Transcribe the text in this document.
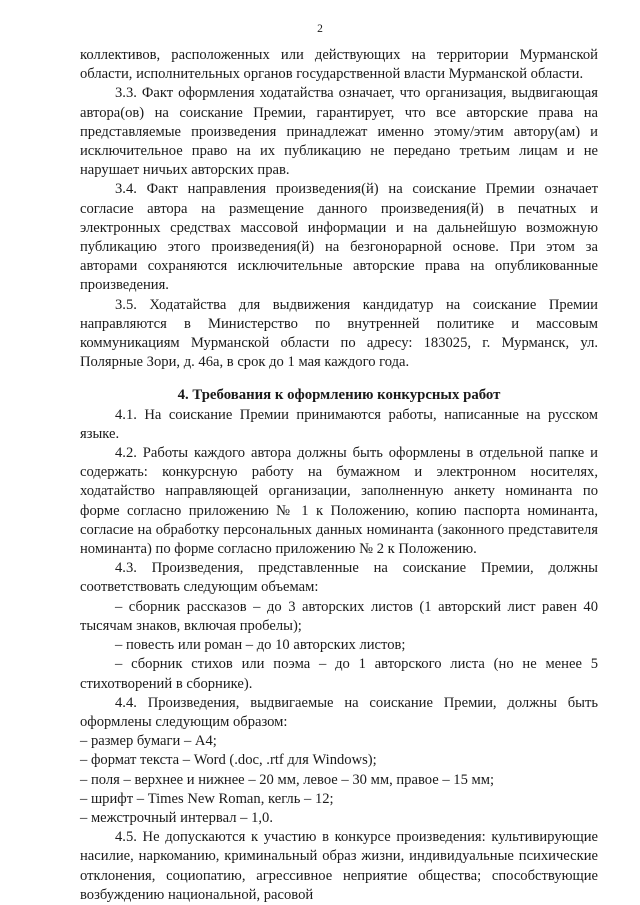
2

коллективов, расположенных или действующих на территории Мурманской области, исполнительных органов государственной власти Мурманской области.

3.3. Факт оформления ходатайства означает, что организация, выдвигающая автора(ов) на соискание Премии, гарантирует, что все авторские права на представляемые произведения принадлежат именно этому/этим автору(ам) и исключительное право на их публикацию не передано третьим лицам и не нарушает ничьих авторских прав.

3.4. Факт направления произведения(й) на соискание Премии означает согласие автора на размещение данного произведения(й) в печатных и электронных средствах массовой информации и на дальнейшую возможную публикацию этого произведения(й) на безгонорарной основе. При этом за авторами сохраняются исключительные авторские права на опубликованные произведения.

3.5. Ходатайства для выдвижения кандидатур на соискание Премии направляются в Министерство по внутренней политике и массовым коммуникациям Мурманской области по адресу: 183025, г. Мурманск, ул. Полярные Зори, д. 46а, в срок до 1 мая каждого года.

4. Требования к оформлению конкурсных работ

4.1. На соискание Премии принимаются работы, написанные на русском языке.

4.2. Работы каждого автора должны быть оформлены в отдельной папке и содержать: конкурсную работу на бумажном и электронном носителях, ходатайство направляющей организации, заполненную анкету номинанта по форме согласно приложению № 1 к Положению, копию паспорта номинанта, согласие на обработку персональных данных номинанта (законного представителя номинанта) по форме согласно приложению № 2 к Положению.

4.3. Произведения, представленные на соискание Премии, должны соответствовать следующим объемам:

– сборник рассказов – до 3 авторских листов (1 авторский лист равен 40 тысячам знаков, включая пробелы);

– повесть или роман – до 10 авторских листов;

– сборник стихов или поэма – до 1 авторского листа (но не менее 5 стихотворений в сборнике).

4.4. Произведения, выдвигаемые на соискание Премии, должны быть оформлены следующим образом:

– размер бумаги – А4;

– формат текста – Word (.doc, .rtf для Windows);

– поля – верхнее и нижнее – 20 мм, левое – 30 мм, правое – 15 мм;

– шрифт – Times New Roman, кегль – 12;

– межстрочный интервал – 1,0.

4.5. Не допускаются к участию в конкурсе произведения: культивирующие насилие, наркоманию, криминальный образ жизни, индивидуальные психические отклонения, социопатию, агрессивное неприятие общества; способствующие возбуждению национальной, расовой
